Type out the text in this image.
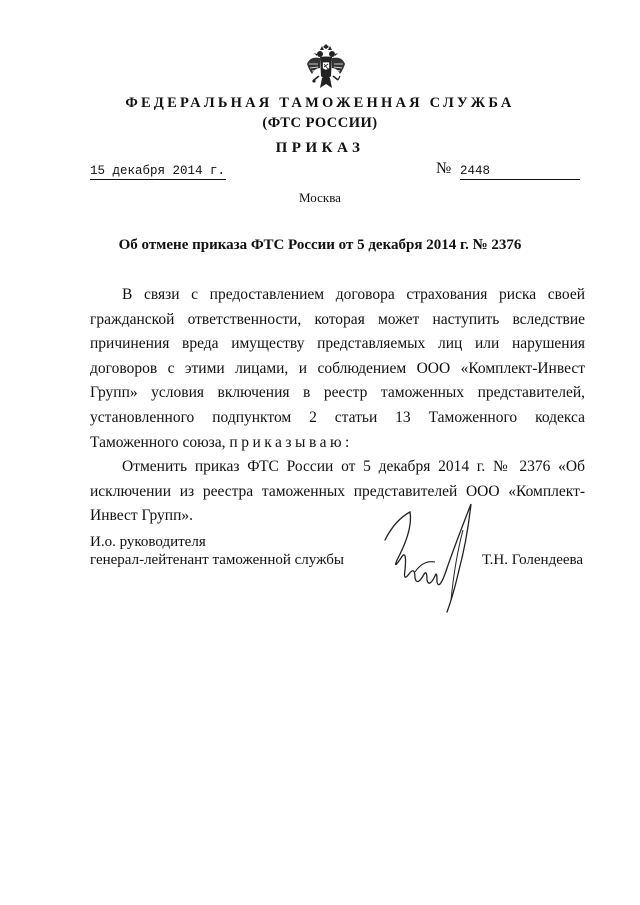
ФЕДЕРАЛЬНАЯ ТАМОЖЕННАЯ СЛУЖБА
(ФТС РОССИИ)
ПРИКАЗ
15 декабря 2014 г.	№ 2448
Москва
Об отмене приказа ФТС России от 5 декабря 2014 г. № 2376

В связи с предоставлением договора страхования риска своей гражданской ответственности, которая может наступить вследствие причинения вреда имуществу представляемых лиц или нарушения договоров с этими лицами, и соблюдением ООО «Комплект-Инвест Групп» условия включения в реестр таможенных представителей, установленного подпунктом 2 статьи 13 Таможенного кодекса Таможенного союза, приказываю:

Отменить приказ ФТС России от 5 декабря 2014 г. № 2376 «Об исключении из реестра таможенных представителей ООО «Комплект-Инвест Групп».

И.о. руководителя
генерал-лейтенант таможенной службы	Т.Н. Голендеева
